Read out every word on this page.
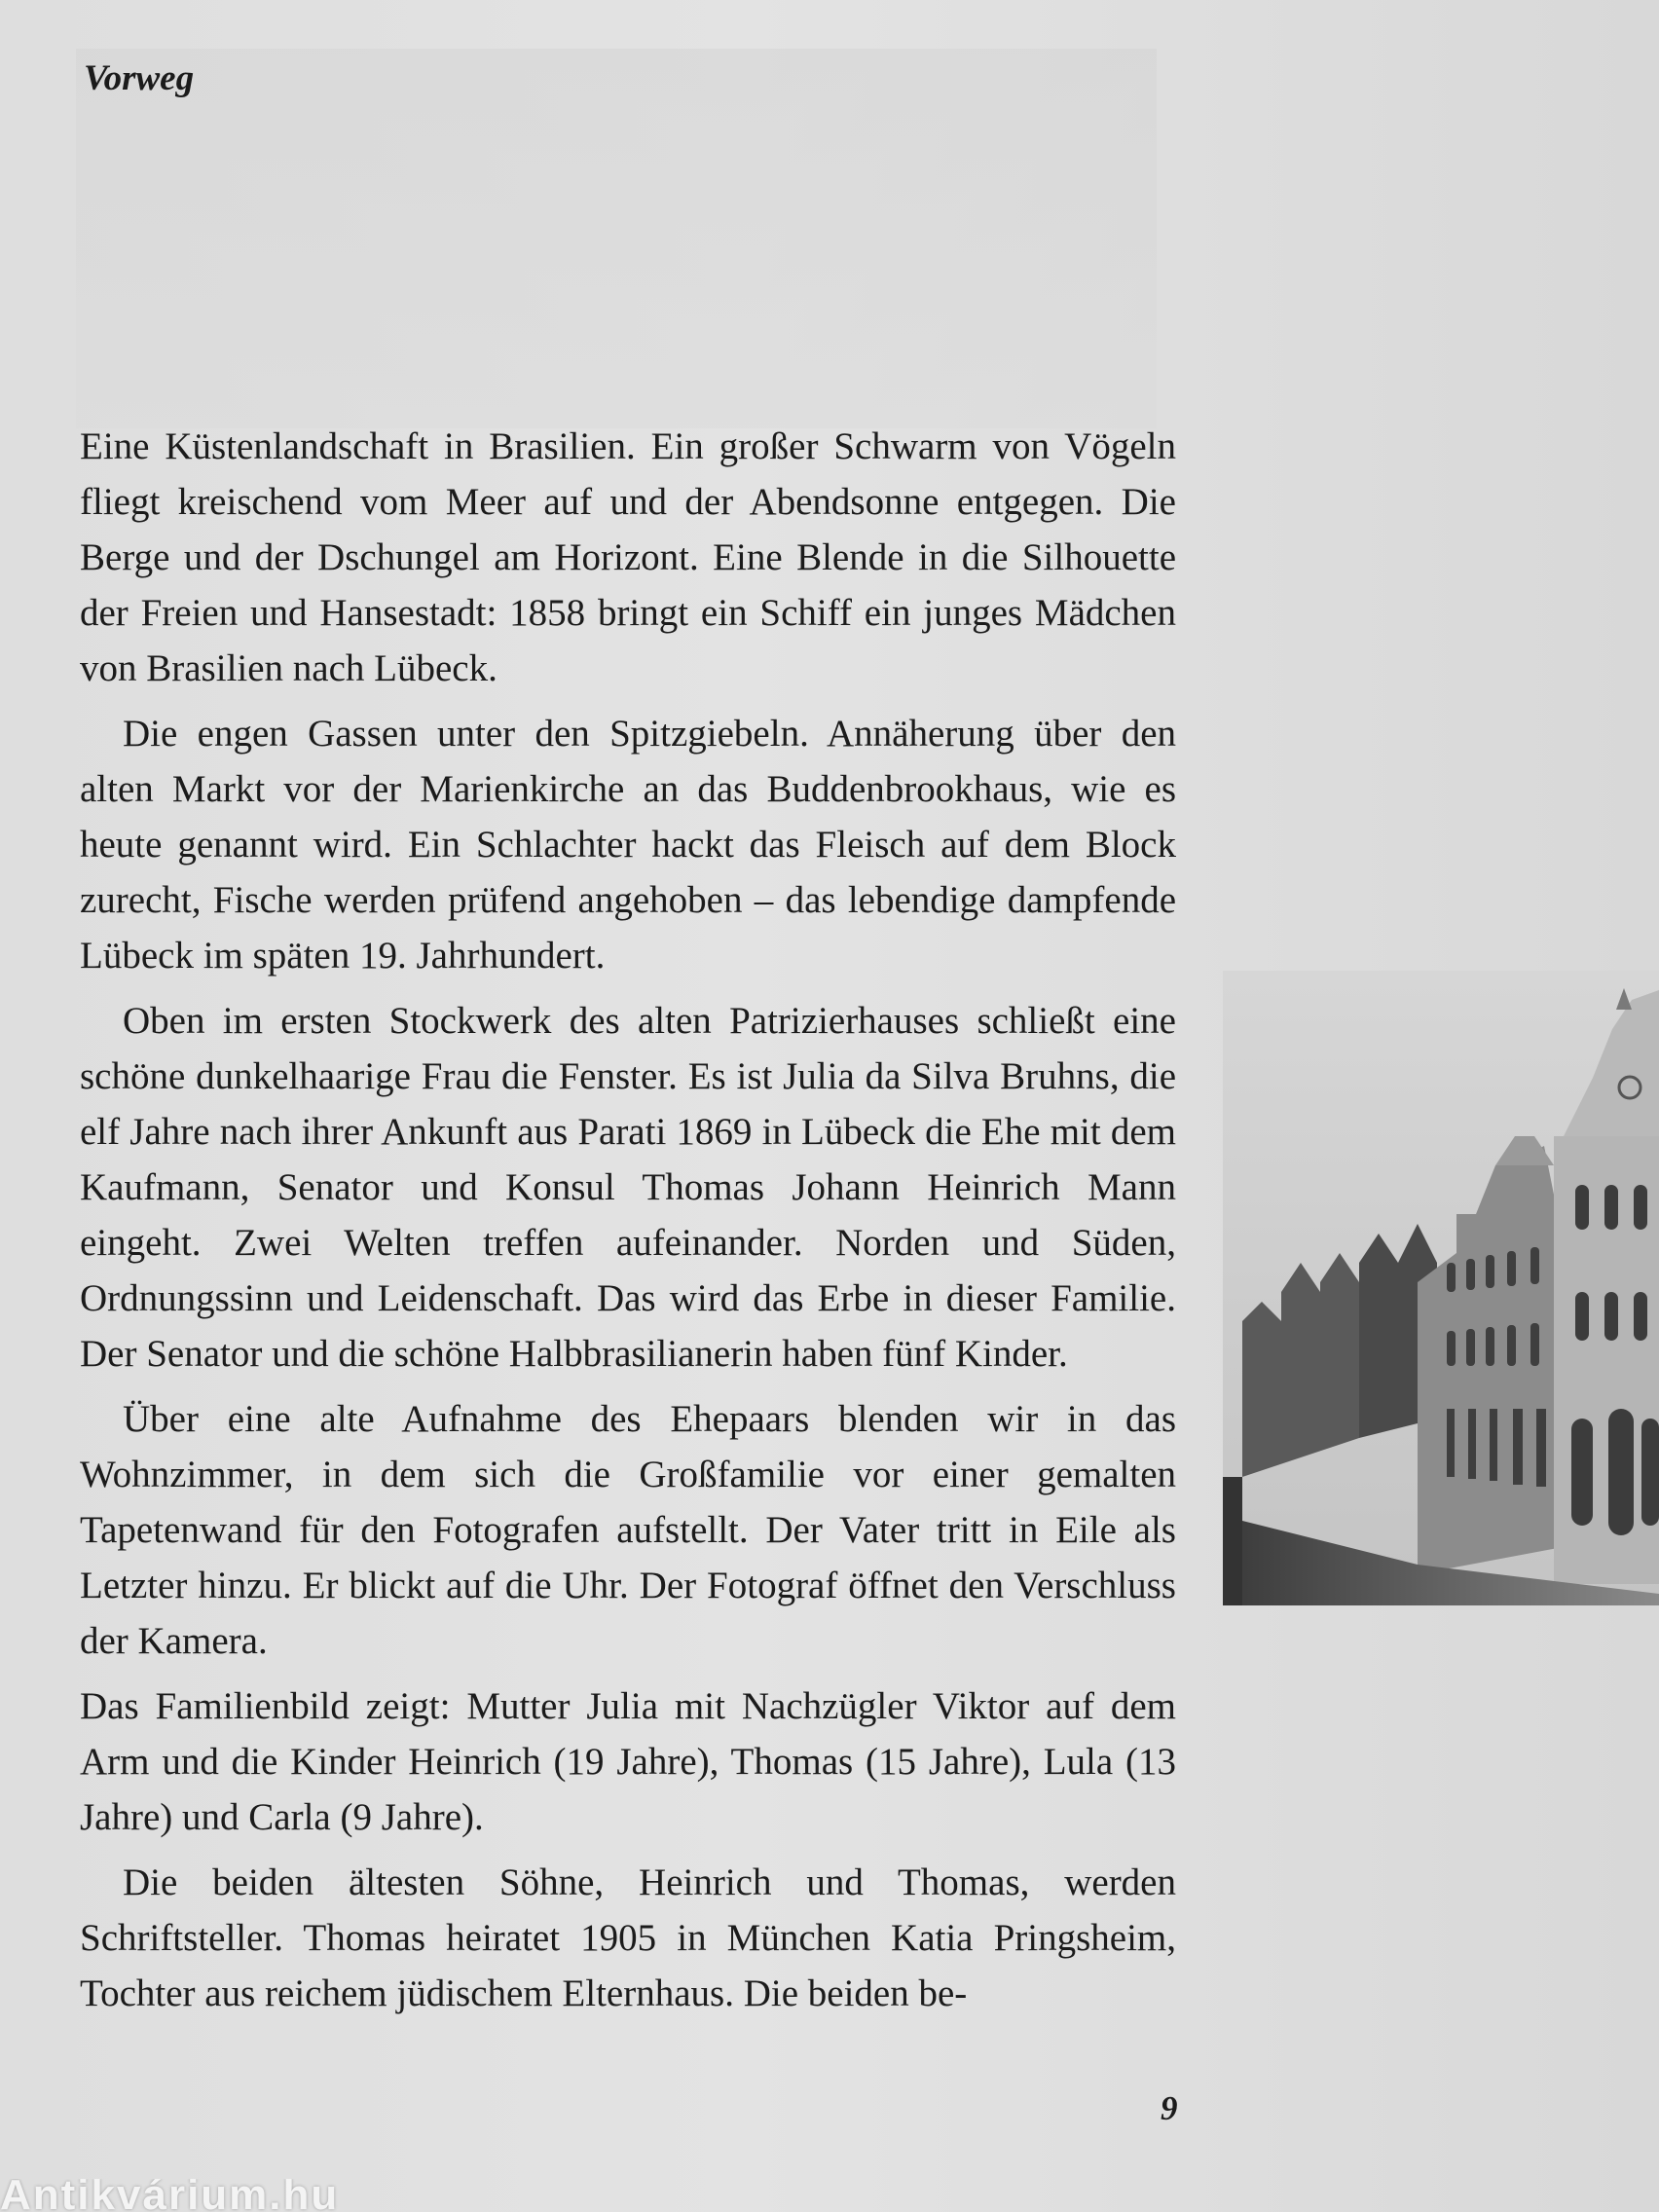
Vorweg

Eine Küstenlandschaft in Brasilien. Ein großer Schwarm von Vögeln fliegt kreischend vom Meer auf und der Abendsonne entgegen. Die Berge und der Dschungel am Horizont. Eine Blende in die Silhouette der Freien und Hansestadt: 1858 bringt ein Schiff ein junges Mädchen von Brasilien nach Lübeck.

Die engen Gassen unter den Spitzgiebeln. Annäherung über den alten Markt vor der Marienkirche an das Buddenbrookhaus, wie es heute genannt wird. Ein Schlachter hackt das Fleisch auf dem Block zurecht, Fische werden prüfend angehoben – das lebendige dampfende Lübeck im späten 19. Jahrhundert.

Oben im ersten Stockwerk des alten Patrizierhauses schließt eine schöne dunkelhaarige Frau die Fenster. Es ist Julia da Silva Bruhns, die elf Jahre nach ihrer Ankunft aus Parati 1869 in Lübeck die Ehe mit dem Kaufmann, Senator und Konsul Thomas Johann Heinrich Mann eingeht. Zwei Welten treffen aufeinander. Norden und Süden, Ordnungssinn und Leidenschaft. Das wird das Erbe in dieser Familie. Der Senator und die schöne Halbbrasilianerin haben fünf Kinder.

Über eine alte Aufnahme des Ehepaars blenden wir in das Wohnzimmer, in dem sich die Großfamilie vor einer gemalten Tapetenwand für den Fotografen aufstellt. Der Vater tritt in Eile als Letzter hinzu. Er blickt auf die Uhr. Der Fotograf öffnet den Verschluss der Kamera.

Das Familienbild zeigt: Mutter Julia mit Nachzügler Viktor auf dem Arm und die Kinder Heinrich (19 Jahre), Thomas (15 Jahre), Lula (13 Jahre) und Carla (9 Jahre).

Die beiden ältesten Söhne, Heinrich und Thomas, werden Schriftsteller. Thomas heiratet 1905 in München Katia Pringsheim, Tochter aus reichem jüdischem Elternhaus. Die beiden be-

9
Antikvárium.hu
